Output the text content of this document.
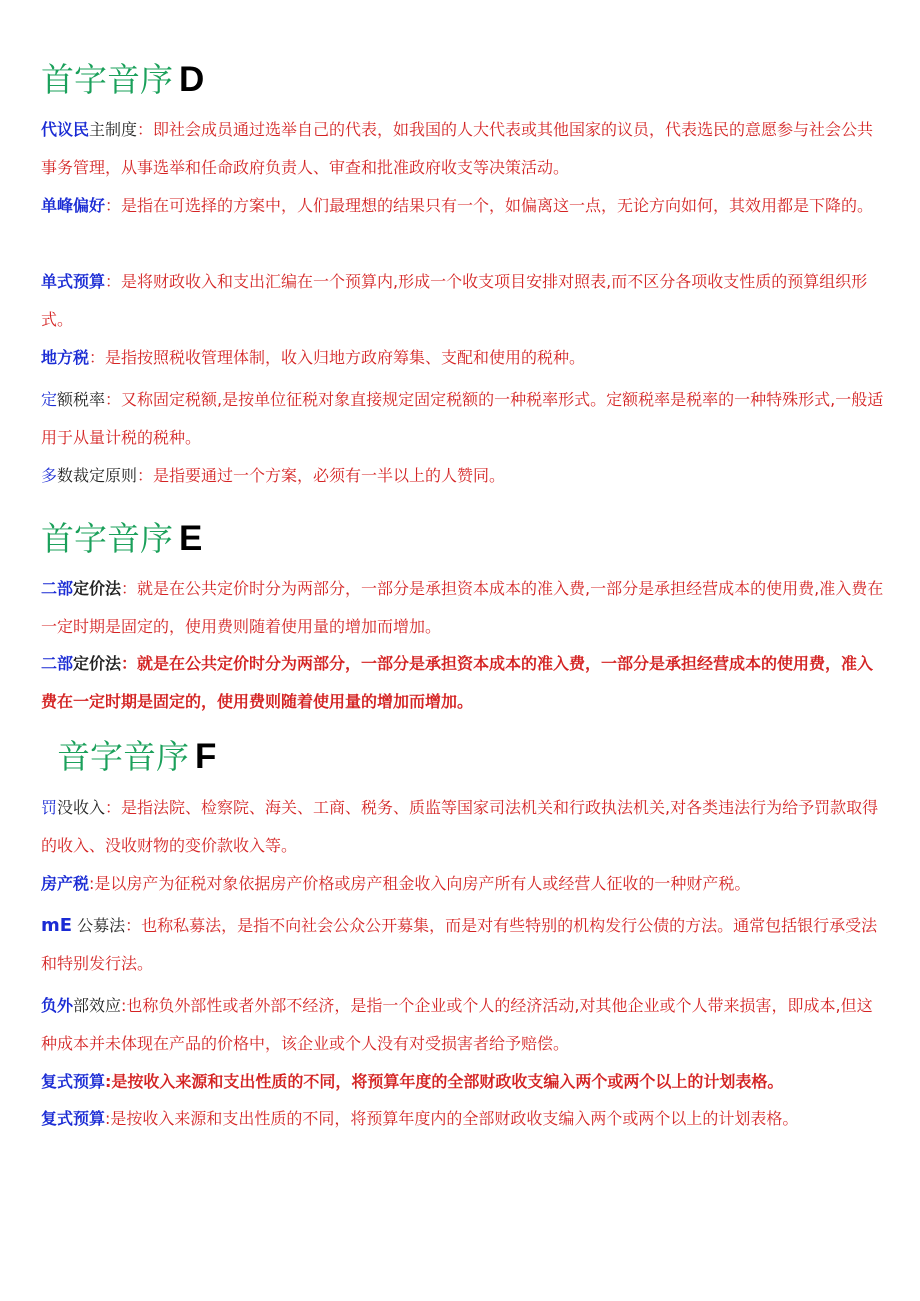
首字音序 D
代议民主制度：即社会成员通过选举自己的代表，如我国的人大代表或其他国家的议员，代表选民的意愿参与社会公共事务管理，从事选举和任命政府负责人、审查和批准政府收支等决策活动。
单峰偏好：是指在可选择的方案中，人们最理想的结果只有一个，如偏离这一点，无论方向如何，其效用都是下降的。
单式预算：是将财政收入和支出汇编在一个预算内,形成一个收支项目安排对照表,而不区分各项收支性质的预算组织形式。
地方税：是指按照税收管理体制，收入归地方政府筹集、支配和使用的税种。
定额税率：又称固定税额,是按单位征税对象直接规定固定税额的一种税率形式。定额税率是税率的一种特殊形式,一般适用于从量计税的税种。
多数裁定原则：是指要通过一个方案，必须有一半以上的人赞同。
首字音序 E
二部定价法：就是在公共定价时分为两部分，一部分是承担资本成本的准入费,一部分是承担经营成本的使用费,准入费在一定时期是固定的，使用费则随着使用量的增加而增加。
二部定价法：就是在公共定价时分为两部分，一部分是承担资本成本的准入费，一部分是承担经营成本的使用费，准入费在一定时期是固定的，使用费则随着使用量的增加而增加。
音字音序 F
罚没收入：是指法院、检察院、海关、工商、税务、质监等国家司法机关和行政执法机关,对各类违法行为给予罚款取得的收入、没收财物的变价款收入等。
房产税:是以房产为征税对象依据房产价格或房产租金收入向房产所有人或经营人征收的一种财产税。
mE 公募法：也称私募法，是指不向社会公众公开募集，而是对有些特别的机构发行公债的方法。通常包括银行承受法和特别发行法。
负外部效应:也称负外部性或者外部不经济，是指一个企业或个人的经济活动,对其他企业或个人带来损害，即成本,但这种成本并未体现在产品的价格中，该企业或个人没有对受损害者给予赔偿。
复式预算:是按收入来源和支出性质的不同，将预算年度的全部财政收支编入两个或两个以上的计划表格。
复式预算:是按收入来源和支出性质的不同，将预算年度内的全部财政收支编入两个或两个以上的计划表格。
